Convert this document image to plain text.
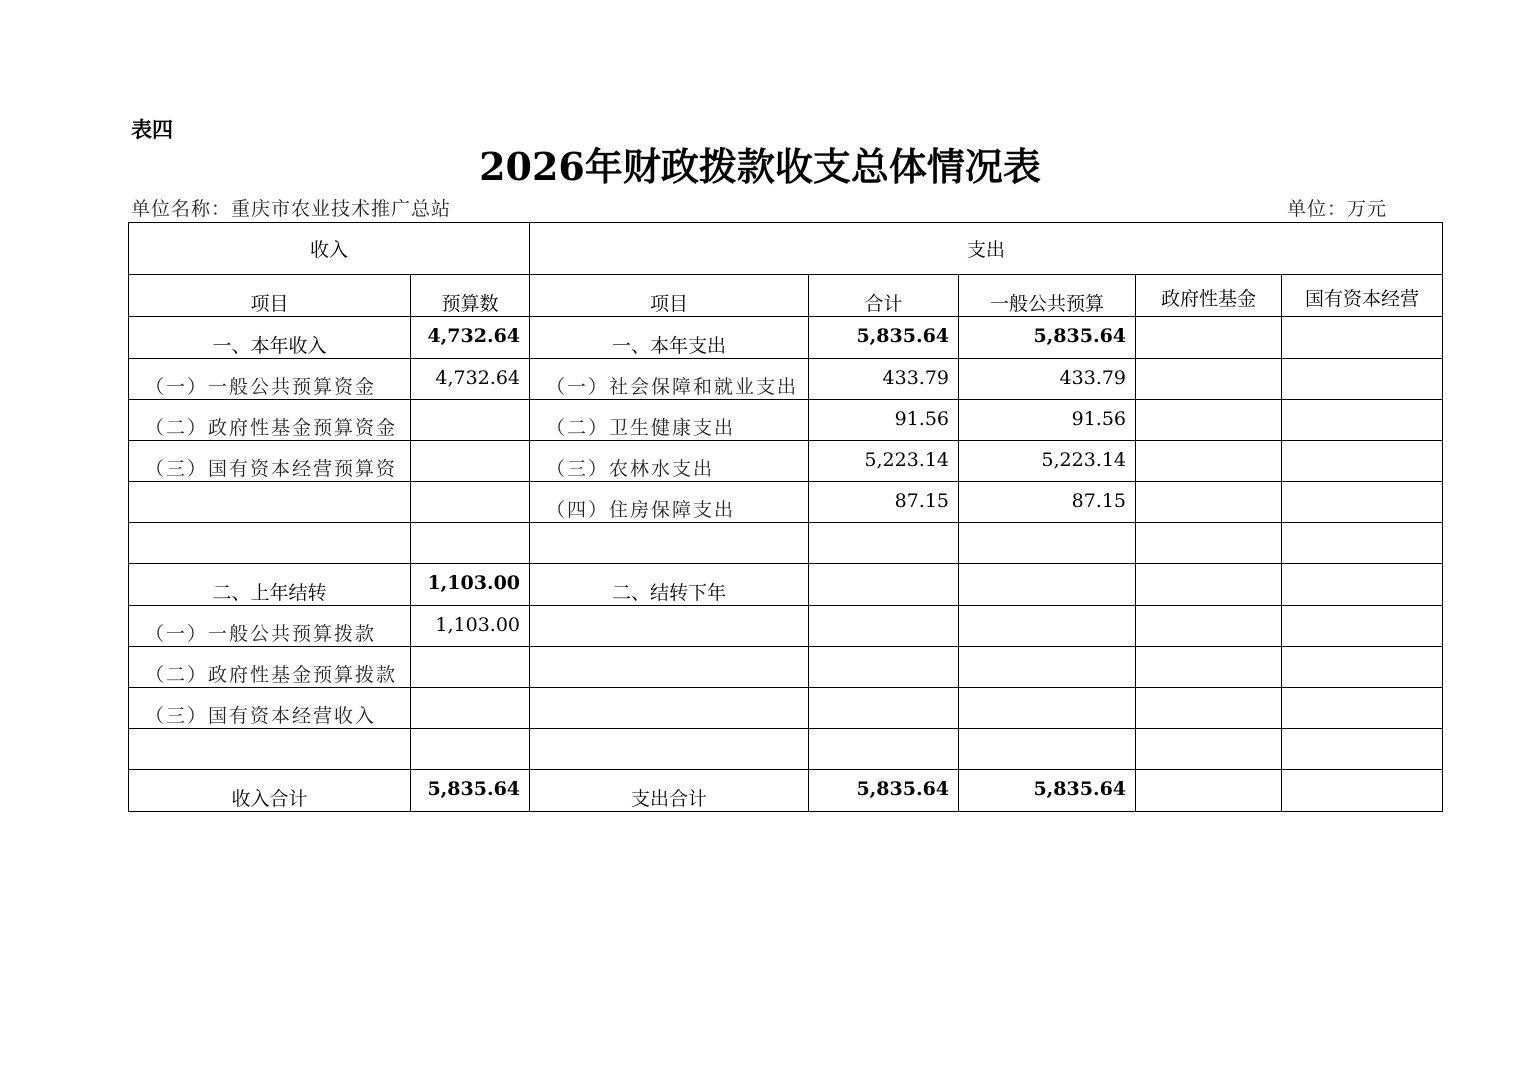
表四
2026年财政拨款收支总体情况表
单位名称：重庆市农业技术推广总站	单位：万元
收入		支出				
项目	预算数	项目	合计	一般公共预算	政府性基金	国有资本经营
一、本年收入	4,732.64	一、本年支出	5,835.64	5,835.64		
（一）一般公共预算资金	4,732.64	（一）社会保障和就业支出	433.79	433.79		
（二）政府性基金预算资金		（二）卫生健康支出	91.56	91.56		
（三）国有资本经营预算资		（三）农林水支出	5,223.14	5,223.14		
		（四）住房保障支出	87.15	87.15		

二、上年结转	1,103.00	二、结转下年				
（一）一般公共预算拨款	1,103.00					
（二）政府性基金预算拨款						
（三）国有资本经营收入						

收入合计	5,835.64	支出合计	5,835.64	5,835.64		
